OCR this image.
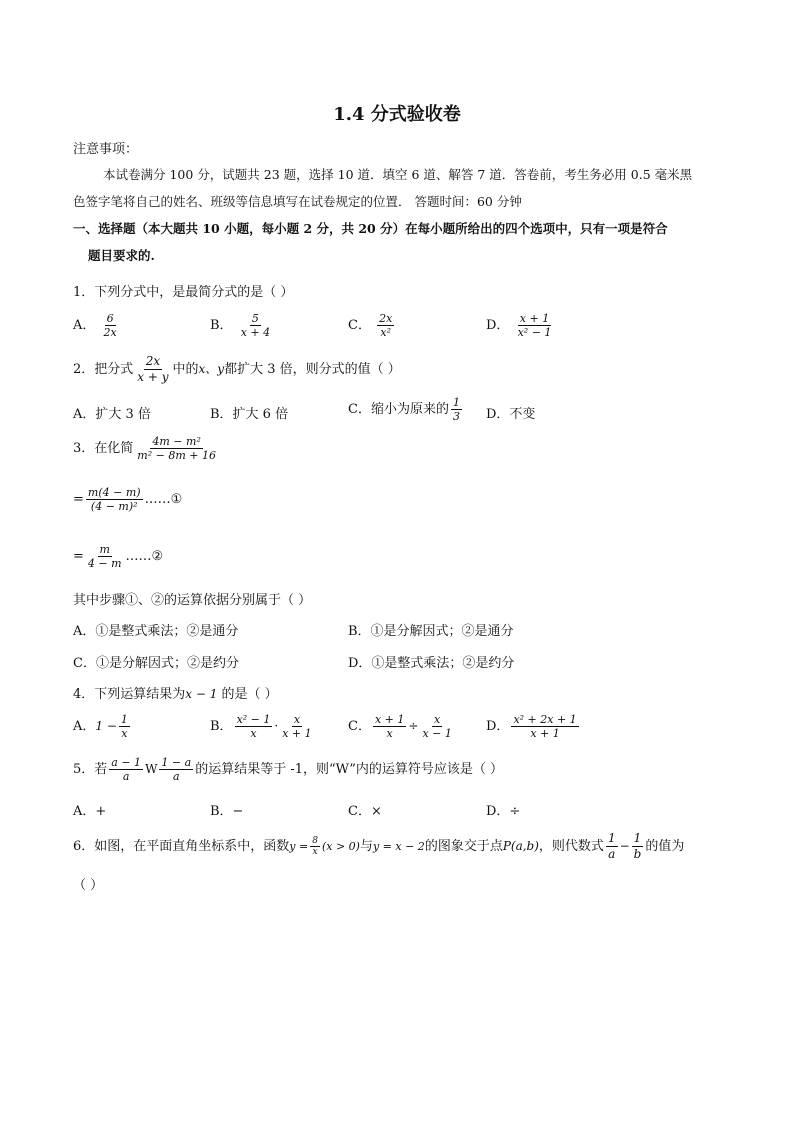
1.4 分式验收卷
注意事项：
本试卷满分 100 分，试题共 23 题，选择 10 道．填空 6 道、解答 7 道．答卷前，考生务必用 0.5 毫米黑
色签字笔将自己的姓名、班级等信息填写在试卷规定的位置． 答题时间：60 分钟
一、选择题（本大题共 10 小题，每小题 2 分，共 20 分）在每小题所给出的四个选项中，只有一项是符合
题目要求的.
1．下列分式中，是最简分式的是（ ）
A． $\frac{6}{2x}$	B． $\frac{5}{x + 4}$	C． $\frac{2x}{\text{x²}}$	D． $\frac{x + 1}{\text{x² − 1}}$
2．把分式 $\frac{2x}{x + y}$ 中的x、y都扩大 3 倍，则分式的值（ ）
A．扩大 3 倍	B．扩大 6 倍	C．缩小为原来的 $\frac{1}{3}$ D．不变
3．在化简 $\frac{\text{4m − m²}}{\text{m² − 8m + 16}}$
= $\frac{m(4 - m)}{\text{(4 − m)²}}$ ……①
= $\frac{m}{4 - m}$ ……②
其中步骤①、②的运算依据分别属于（ ）
A．①是整式乘法；②是通分	B．①是分解因式；②是通分
C．①是分解因式；②是约分	D．①是整式乘法；②是约分
4．下列运算结果为x − 1 的是（ ）
A．$1 - \frac{1}{x}$	B． $\frac{\text{x² − 1}}{x} \cdot \frac{x}{x + 1}$	C． $\frac{x + 1}{x} \div \frac{x}{x - 1}$ D． $\frac{\text{x² + 2x + 1}}{x + 1}$
5．若 $\frac{a - 1}{a}$ W $\frac{1 - a}{a}$ 的运算结果等于 -1，则“W”内的运算符号应该是（ ）
A．+	B．−	C．×	D．÷
6．如图，在平面直角坐标系中，函数$y = \frac{8}{x} (x > 0)$与y = x − 2的图象交于点P(a,b)，则代数式 $\frac{1}{a} - \frac{1}{b}$ 的值为
（ ）
